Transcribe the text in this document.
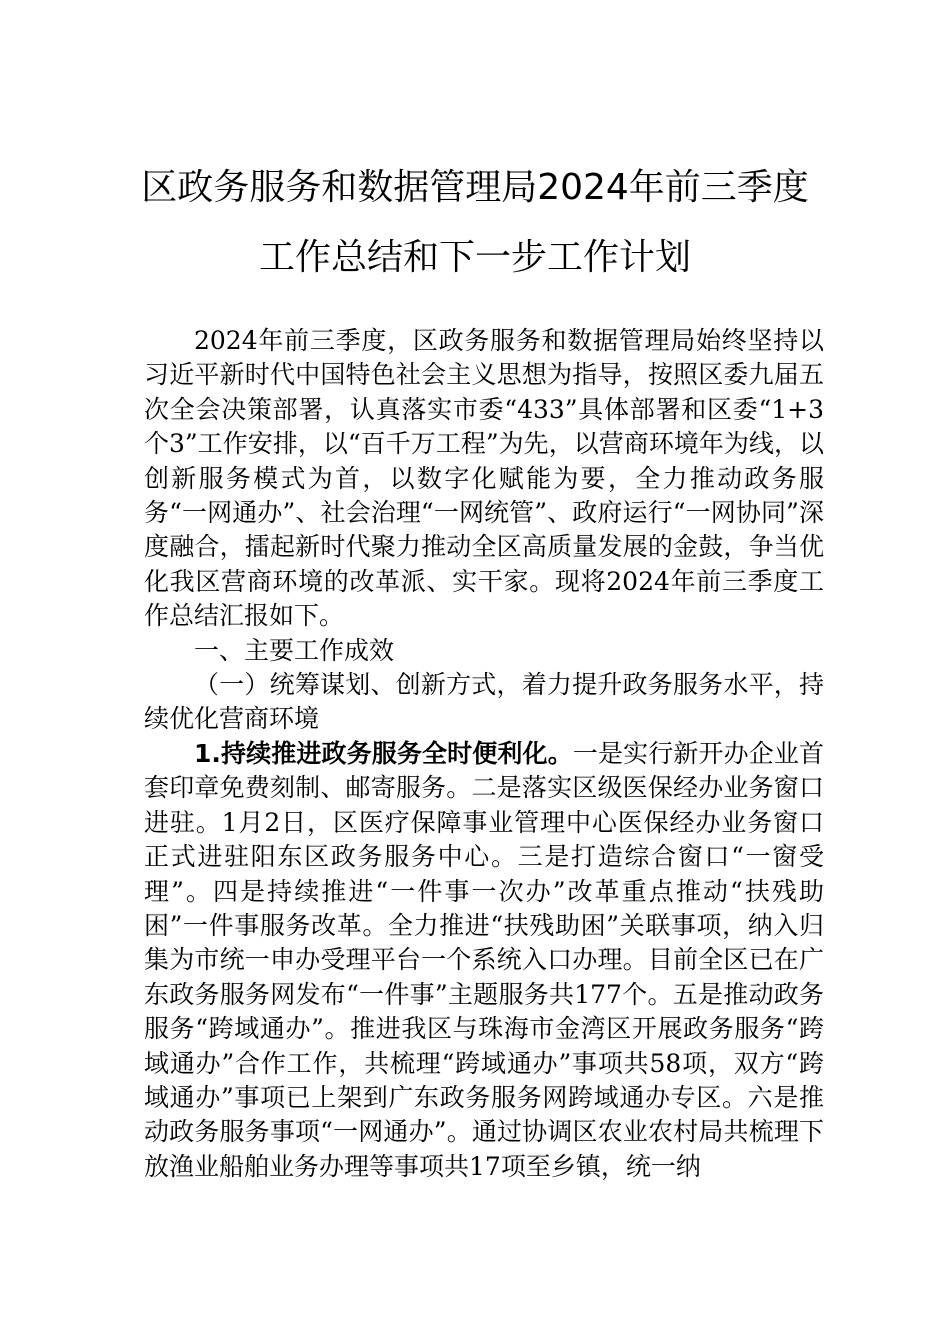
区政务服务和数据管理局2024年前三季度
工作总结和下一步工作计划

2024年前三季度，区政务服务和数据管理局始终坚持以习近平新时代中国特色社会主义思想为指导，按照区委九届五次全会决策部署，认真落实市委“433”具体部署和区委“1+3个3”工作安排，以“百千万工程”为先，以营商环境年为线，以创新服务模式为首，以数字化赋能为要，全力推动政务服务“一网通办”、社会治理“一网统管”、政府运行“一网协同”深度融合，擂起新时代聚力推动全区高质量发展的金鼓，争当优化我区营商环境的改革派、实干家。现将2024年前三季度工作总结汇报如下。

一、主要工作成效

（一）统筹谋划、创新方式，着力提升政务服务水平，持续优化营商环境

1.持续推进政务服务全时便利化。一是实行新开办企业首套印章免费刻制、邮寄服务。二是落实区级医保经办业务窗口进驻。1月2日，区医疗保障事业管理中心医保经办业务窗口正式进驻阳东区政务服务中心。三是打造综合窗口“一窗受理”。四是持续推进“一件事一次办”改革重点推动“扶残助困”一件事服务改革。全力推进“扶残助困”关联事项，纳入归集为市统一申办受理平台一个系统入口办理。目前全区已在广东政务服务网发布“一件事”主题服务共177个。五是推动政务服务“跨域通办”。推进我区与珠海市金湾区开展政务服务“跨域通办”合作工作，共梳理“跨域通办”事项共58项，双方“跨域通办”事项已上架到广东政务服务网跨域通办专区。六是推动政务服务事项“一网通办”。通过协调区农业农村局共梳理下放渔业船舶业务办理等事项共17项至乡镇，统一纳
